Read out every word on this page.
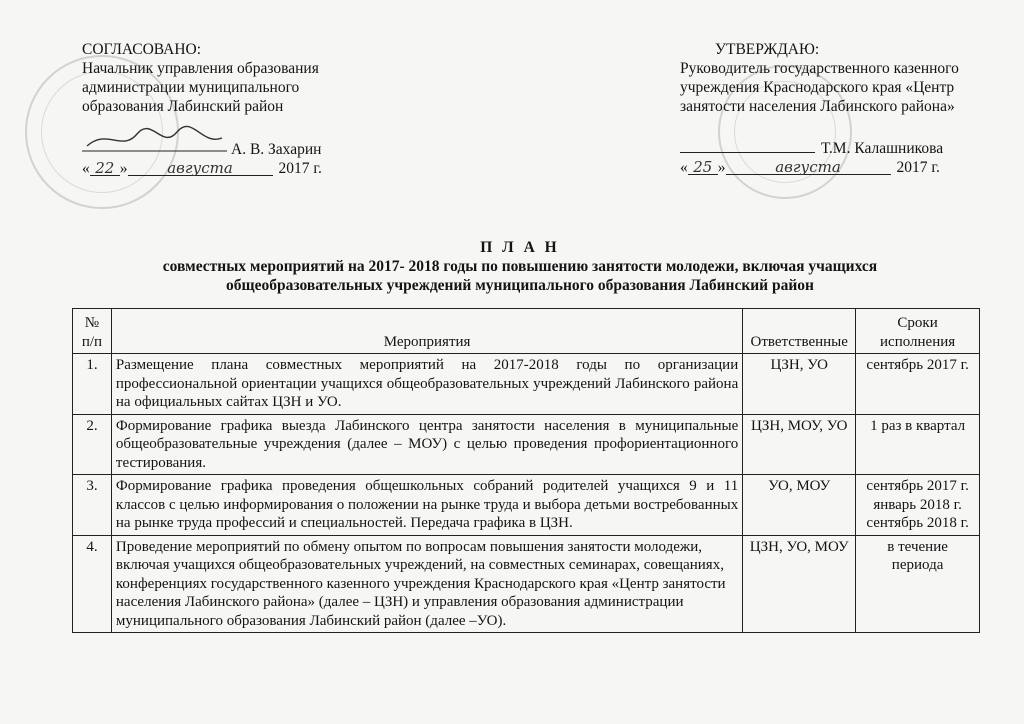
СОГЛАСОВАНО:
Начальник управления образования
администрации муниципального
образования Лабинский район
А. В. Захарин
« 22 »	августа	2017 г.
УТВЕРЖДАЮ:
Руководитель государственного казенного
учреждения Краснодарского края «Центр
занятости населения Лабинского района»
Т.М. Калашникова
« 25 »	августа	2017 г.
П Л А Н
совместных мероприятий на 2017- 2018 годы по повышению занятости молодежи, включая учащихся
общеобразовательных учреждений муниципального образования Лабинский район
№ п/п	Мероприятия	Ответственные	Сроки исполнения
1.	Размещение плана совместных мероприятий на 2017-2018 годы по организации профессиональной ориентации учащихся общеобразовательных учреждений Лабинского района на официальных сайтах ЦЗН и УО.	ЦЗН, УО	сентябрь 2017 г.
2.	Формирование графика выезда Лабинского центра занятости населения в муниципальные общеобразовательные учреждения (далее – МОУ) с целью проведения профориентационного тестирования.	ЦЗН, МОУ, УО	1 раз в квартал
3.	Формирование графика проведения общешкольных собраний родителей учащихся 9 и 11 классов с целью информирования о положении на рынке труда и выбора детьми востребованных на рынке труда профессий и специальностей. Передача графика в ЦЗН.	УО, МОУ	сентябрь 2017 г. январь 2018 г. сентябрь 2018 г.
4.	Проведение мероприятий по обмену опытом по вопросам повышения занятости молодежи, включая учащихся общеобразовательных учреждений, на совместных семинарах, совещаниях, конференциях государственного казенного учреждения Краснодарского края «Центр занятости населения Лабинского района» (далее – ЦЗН) и управления образования администрации муниципального образования Лабинский район (далее –УО).	ЦЗН, УО, МОУ	в течение периода
